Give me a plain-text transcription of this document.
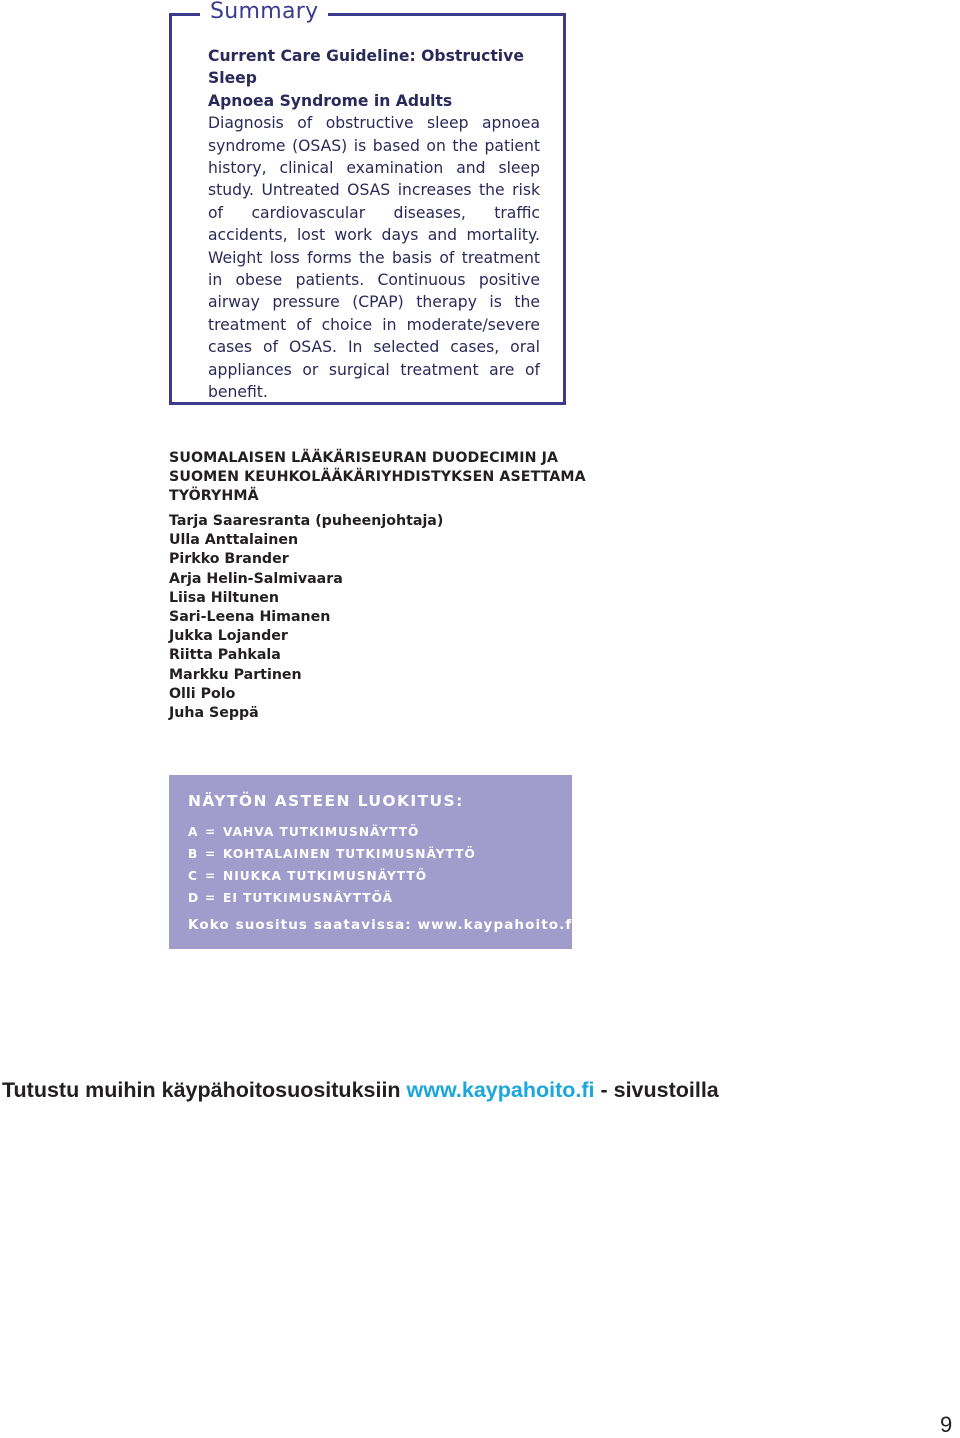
Summary
Current Care Guideline: Obstructive Sleep
Apnoea Syndrome in Adults
Diagnosis of obstructive sleep apnoea syndrome (OSAS) is based on the patient history, clinical examination and sleep study. Untreated OSAS increases the risk of cardiovascular diseases, traffic accidents, lost work days and mortality. Weight loss forms the basis of treatment in obese patients. Continuous positive airway pressure (CPAP) therapy is the treatment of choice in moderate/severe cases of OSAS. In selected cases, oral appliances or surgical treatment are of benefit.
SUOMALAISEN LÄÄKÄRISEURAN DUODECIMIN JA
SUOMEN KEUHKOLÄÄKÄRIYHDISTYKSEN ASETTAMA
TYÖRYHMÄ
Tarja Saaresranta (puheenjohtaja)
Ulla Anttalainen
Pirkko Brander
Arja Helin-Salmivaara
Liisa Hiltunen
Sari-Leena Himanen
Jukka Lojander
Riitta Pahkala
Markku Partinen
Olli Polo
Juha Seppä
NÄYTÖN ASTEEN LUOKITUS:
A = VAHVA TUTKIMUSNÄYTTÖ
B = KOHTALAINEN TUTKIMUSNÄYTTÖ
C = NIUKKA TUTKIMUSNÄYTTÖ
D = EI TUTKIMUSNÄYTTÖÄ
Koko suositus saatavissa: www.kaypahoito.fi
Tutustu muihin käypähoitosuosituksiin www.kaypahoito.fi - sivustoilla
9
